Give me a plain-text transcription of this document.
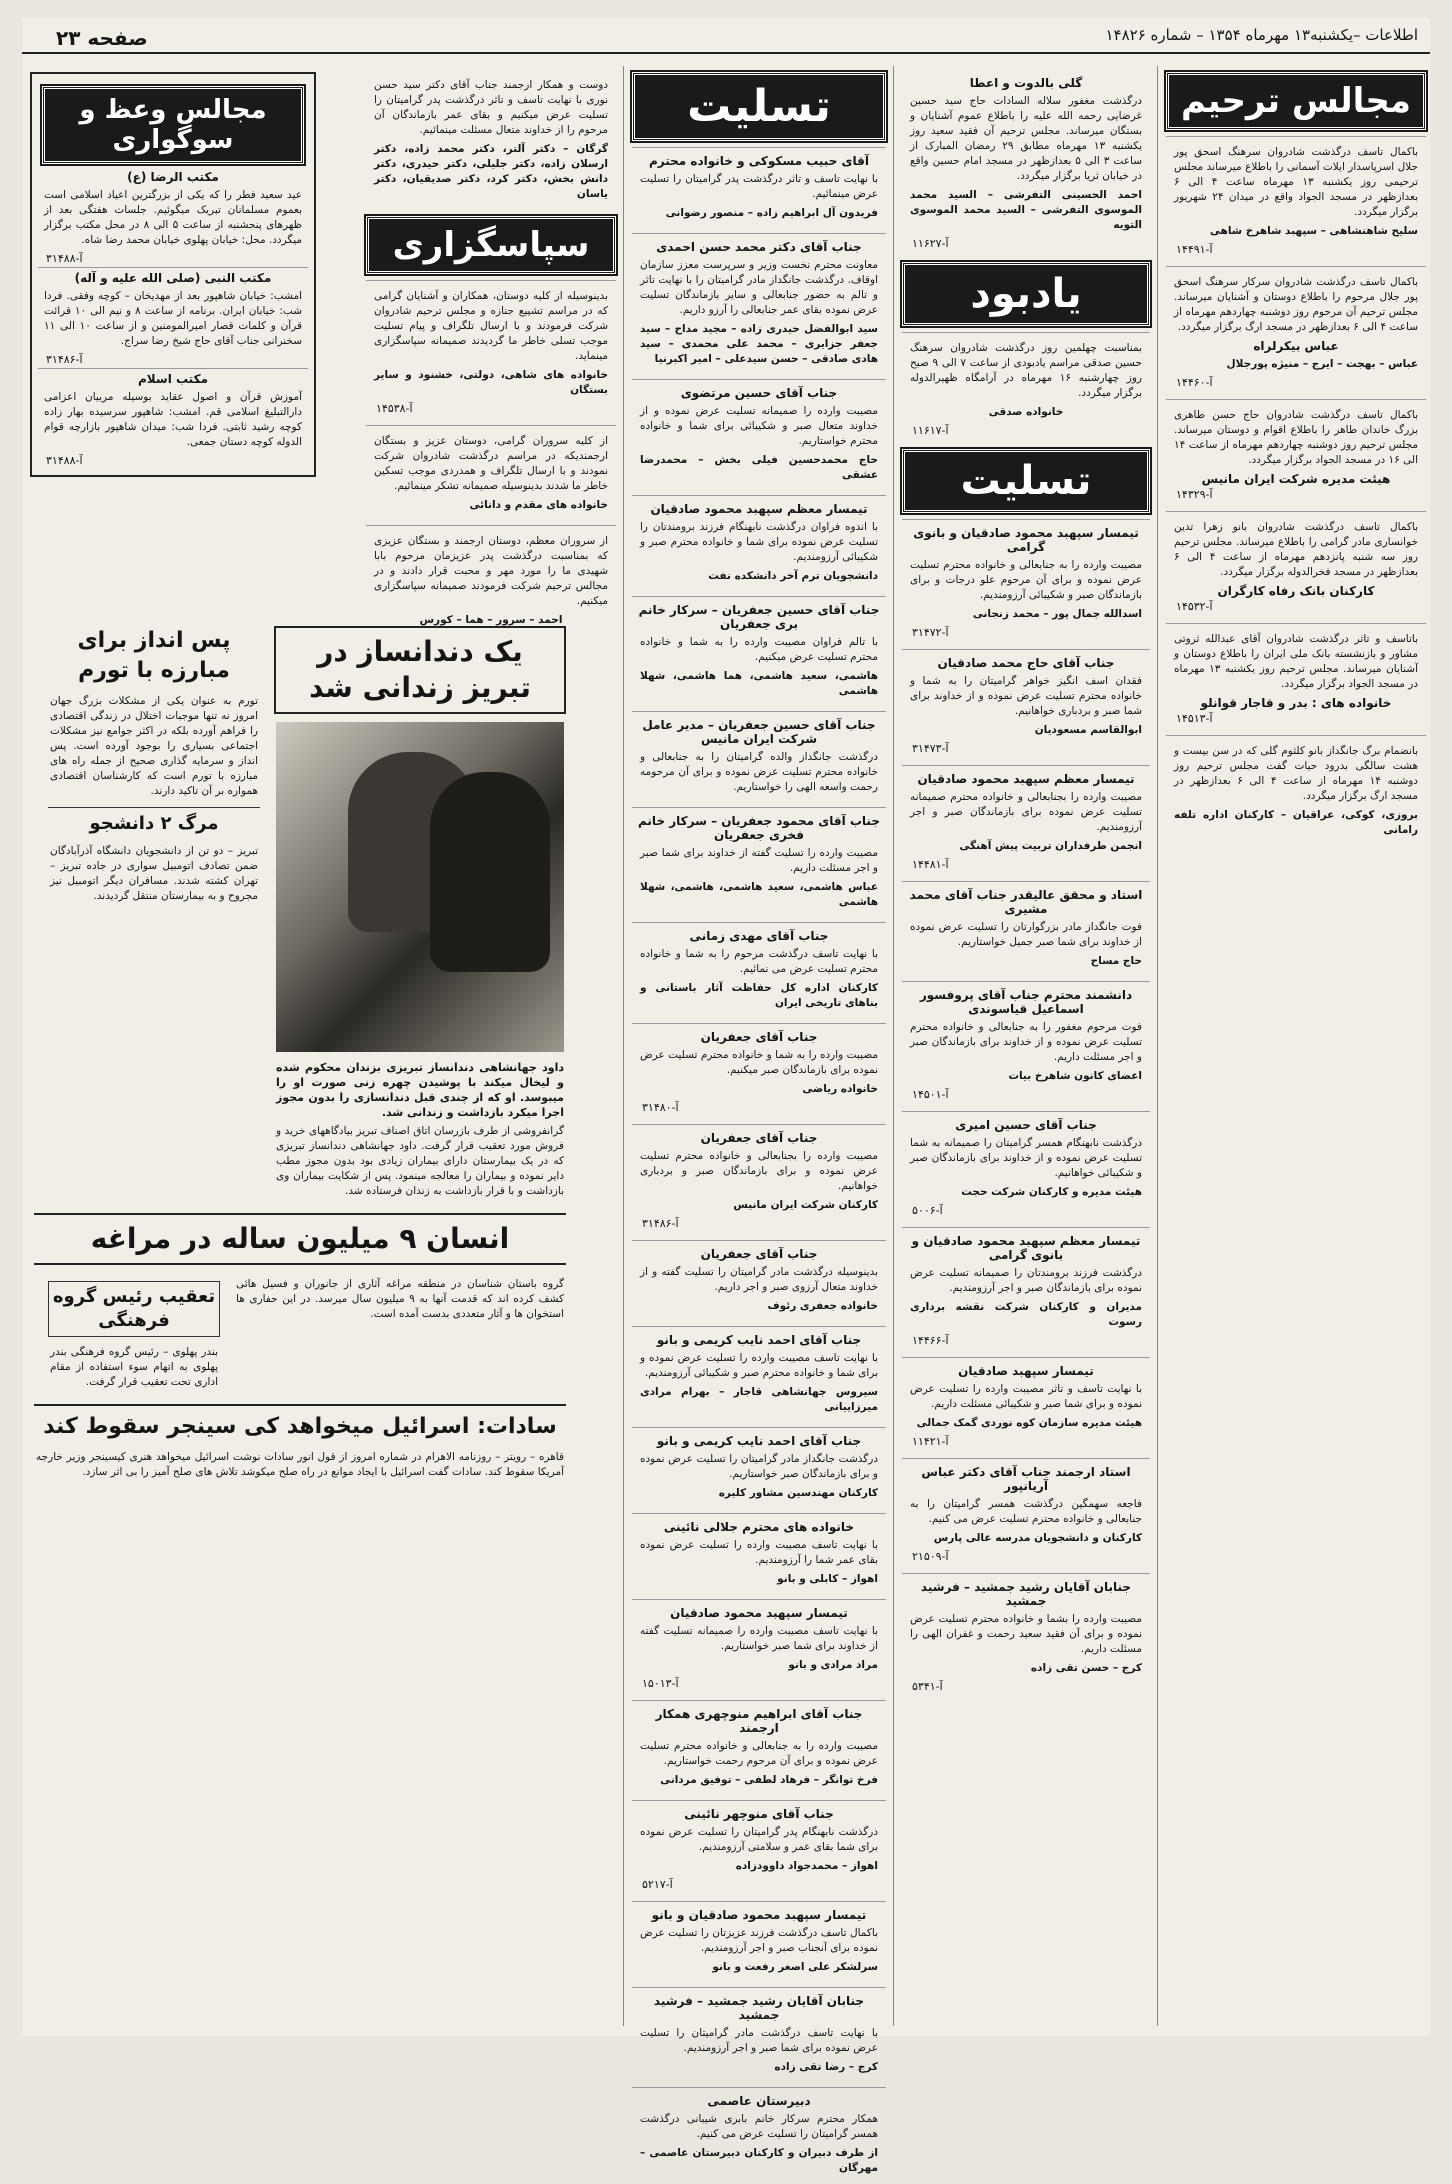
اطلاعات –یکشنبه۱۳ مهرماه ۱۳۵۴ – شماره ۱۴۸۲۶
صفحه ۲۳
مجالس ترحیم
باکمال تاسف درگذشت شادروان سرهنگ اسحق پور جلال اسرپاسدار ایلات آسمانی را باطلاع میرساند مجلس ترحیمی روز یکشنبه ۱۳ مهرماه ساعت ۴ الی ۶ بعدازظهر در مسجد الجواد واقع در میدان ۲۴ شهریور برگزار میگردد.
سلیح شاهنشاهی – سپهبد شاهرخ شاهی
آ-۱۴۴۹۱
باکمال تاسف درگذشت شادروان سرکار سرهنگ اسحق پور جلال مرحوم را باطلاع دوستان و آشنایان میرساند. مجلس ترحیم آن مرحوم روز دوشنبه چهاردهم مهرماه از ساعت ۴ الی ۶ بعدازظهر در مسجد ارگ برگزار میگردد.
عباس بیکرلراه
عباس – بهجت – ایرج – منیژه پورجلال
آ-۱۴۴۶۰
باکمال تاسف درگذشت شادروان حاج حسن طاهری بزرگ خاندان طاهر را باطلاع اقوام و دوستان میرساند. مجلس ترحیم روز دوشنبه چهاردهم مهرماه از ساعت ۱۴ الی ۱۶ در مسجد الجواد برگزار میگردد.
هیئت مدیره شرکت ایران مانیس
آ-۱۴۳۲۹
باکمال تاسف درگذشت شادروان بانو زهرا تدین خوانساری مادر گرامی را باطلاع میرساند. مجلس ترحیم روز سه شنبه پانزدهم مهرماه از ساعت ۴ الی ۶ بعدازظهر در مسجد فخرالدوله برگزار میگردد.
کارکنان بانک رفاه کارگران
آ-۱۴۵۳۲
باتاسف و تاثر درگذشت شادروان آقای عبدالله ثروتی مشاور و بازنشسته بانک ملی ایران را باطلاع دوستان و آشنایان میرساند. مجلس ترحیم روز یکشنبه ۱۳ مهرماه در مسجد الجواد برگزار میگردد.
خانواده های : بدر و قاجار قوانلو
آ-۱۴۵۱۳
بانضمام برگ جانگداز بانو کلثوم گلی که در سن بیست و هشت سالگی بدرود حیات گفت مجلس ترحیم روز دوشنبه ۱۴ مهرماه از ساعت ۴ الی ۶ بعدازظهر در مسجد ارگ برگزار میگردد.
بروزی، کوکی، عراقیان – کارکنان اداره تلفه رامانی
گلی بالدوت و اعطا
درگذشت مغفور سلاله السادات حاج سید حسین غرضایی رحمه الله علیه را باطلاع عموم آشنایان و بستگان میرساند. مجلس ترحیم آن فقید سعید روز یکشنبه ۱۳ مهرماه مطابق ۲۹ رمضان المبارک از ساعت ۳ الی ۵ بعدازظهر در مسجد امام حسین واقع در خیابان ثریا برگزار میگردد.
احمد الحسینی التفرشی – السید محمد الموسوی التفرشی – السید محمد الموسوی التویه
آ-۱۱۶۲۷
یادبود
بمناسبت چهلمین روز درگذشت شادروان سرهنگ حسین صدقی مراسم یادبودی از ساعت ۷ الی ۹ صبح روز چهارشنبه ۱۶ مهرماه در آرامگاه ظهیرالدوله برگزار میگردد.
خانواده صدقی
آ-۱۱۶۱۷
تسلیت
تیمسار سپهبد محمود صادقیان و بانوی گرامی
مصیبت وارده را به جنابعالی و خانواده محترم تسلیت عرض نموده و برای آن مرحوم علو درجات و برای بازماندگان صبر و شکیبائی آرزومندیم.
اسدالله جمال پور – محمد زنجانی
آ-۳۱۴۷۲
جناب آقای حاج محمد صادقیان
فقدان اسف انگیز خواهر گرامیتان را به شما و خانواده محترم تسلیت عرض نموده و از خداوند برای شما صبر و بردباری خواهانیم.
ابوالقاسم مسعودیان
آ-۳۱۴۷۳
تیمسار معظم سپهبد محمود صادقیان
مصیبت وارده را بجنابعالی و خانواده محترم صمیمانه تسلیت عرض نموده برای بازماندگان صبر و اجر آرزومندیم.
انجمن طرفداران تربیت پیش آهنگی
آ-۱۴۴۸۱
استاد و محقق عالیقدر جناب آقای محمد مشیری
فوت جانگداز مادر بزرگوارتان را تسلیت عرض نموده از خداوند برای شما صبر جمیل خواستاریم.
حاج مساح
دانشمند محترم جناب آقای پروفسور اسماعیل قیاسوندی
فوت مرحوم مغفور را به جنابعالی و خانواده محترم تسلیت عرض نموده و از خداوند برای بازماندگان صبر و اجر مسئلت داریم.
اعضای کانون شاهرخ بیات
آ-۱۴۵۰۱
جناب آقای حسین امیری
درگذشت نابهنگام همسر گرامیتان را صمیمانه به شما تسلیت عرض نموده و از خداوند برای بازماندگان صبر و شکیبائی خواهانیم.
هیئت مدیره و کارکنان شرکت حجت
آ-۵۰۰۶
تیمسار معظم سپهبد محمود صادقیان و بانوی گرامی
درگذشت فرزند برومندتان را صمیمانه تسلیت عرض نموده برای بازماندگان صبر و اجر آرزومندیم.
مدیران و کارکنان شرکت نقشه برداری رسوت
آ-۱۴۴۶۶
تیمسار سپهبد صادقیان
با نهایت تاسف و تاثر مصیبت وارده را تسلیت عرض نموده و برای شما صبر و شکیبائی مسئلت داریم.
هیئت مدیره سازمان کوه نوردی گمک جمالی
آ-۱۱۴۲۱
استاد ارجمند جناب آقای دکتر عباس آریانپور
فاجعه سهمگین درگذشت همسر گرامیتان را به جنابعالی و خانواده محترم تسلیت عرض می کنیم.
کارکنان و دانشجویان مدرسه عالی پارس
آ-۲۱۵۰۹
جنابان آقایان رشید جمشید – فرشید جمشید
مصیبت وارده را بشما و خانواده محترم تسلیت عرض نموده و برای آن فقید سعید رحمت و غفران الهی را مسئلت داریم.
کرج – حسن تقی زاده
آ-۵۳۴۱
تسلیت
آقای حبیب مسکوکی و خانواده محترم
با نهایت تاسف و تاثر درگذشت پدر گرامیتان را تسلیت عرض مینمائیم.
فریدون آل ابراهیم زاده – منصور رضوانی
جناب آقای دکتر محمد حسن احمدی
معاونت محترم نخست وزیر و سرپرست معزز سازمان اوقاف. درگذشت جانگداز مادر گرامیتان را با نهایت تاثر و تالم به حضور جنابعالی و سایر بازماندگان تسلیت عرض نموده بقای عمر جنابعالی را آرزو داریم.
سید ابوالفضل حیدری زاده – مجید مداح – سید جعفر جزایری – محمد علی محمدی – سید هادی صادقی – حسن سیدعلی – امیر اکبرنیا
جناب آقای حسین مرتضوی
مصیبت وارده را صمیمانه تسلیت عرض نموده و از خداوند متعال صبر و شکیبائی برای شما و خانواده محترم خواستاریم.
حاج محمدحسین فیلی بخش – محمدرضا عشقی
تیمسار معظم سپهبد محمود صادقیان
با اندوه فراوان درگذشت نابهنگام فرزند برومندتان را تسلیت عرض نموده برای شما و خانواده محترم صبر و شکیبائی آرزومندیم.
دانشجویان ترم آخر دانشکده نفت
جناب آقای حسین جعفریان – سرکار خانم بری جعفریان
با تالم فراوان مصیبت وارده را به شما و خانواده محترم تسلیت عرض میکنیم.
هاشمی، سعید هاشمی، هما هاشمی، شهلا هاشمی
جناب آقای حسین جعفریان – مدیر عامل شرکت ایران مانیس
درگذشت جانگداز والده گرامیتان را به جنابعالی و خانواده محترم تسلیت عرض نموده و برای آن مرحومه رحمت واسعه الهی را خواستاریم.
جناب آقای محمود جعفریان – سرکار خانم فخری جعفریان
مصیبت وارده را تسلیت گفته از خداوند برای شما صبر و اجر مسئلت داریم.
عباس هاشمی، سعید هاشمی، هاشمی، شهلا هاشمی
جناب آقای مهدی زمانی
با نهایت تاسف درگذشت مرحوم را به شما و خانواده محترم تسلیت عرض می نمائیم.
کارکنان اداره کل حفاظت آثار باستانی و بناهای تاریخی ایران
جناب آقای جعفریان
مصیبت وارده را به شما و خانواده محترم تسلیت عرض نموده برای بازماندگان صبر میکنیم.
خانواده ریاضی
آ-۳۱۴۸۰
جناب آقای جعفریان
مصیبت وارده را بجنابعالی و خانواده محترم تسلیت عرض نموده و برای بازماندگان صبر و بردباری خواهانیم.
کارکنان شرکت ایران مانیس
آ-۳۱۴۸۶
جناب آقای جعفریان
بدینوسیله درگذشت مادر گرامیتان را تسلیت گفته و از خداوند متعال آرزوی صبر و اجر داریم.
خانواده جعفری رئوف
جناب آقای احمد نایب کریمی و بانو
با نهایت تاسف مصیبت وارده را تسلیت عرض نموده و برای شما و خانواده محترم صبر و شکیبائی آرزومندیم.
سیروس جهانشاهی قاجار – بهرام مرادی میرزاییانی
جناب آقای احمد نایب کریمی و بانو
درگذشت جانگداز مادر گرامیتان را تسلیت عرض نموده و برای بازماندگان صبر خواستاریم.
کارکنان مهندسین مشاور کلیره
خانواده های محترم جلالی نائینی
با نهایت تاسف مصیبت وارده را تسلیت عرض نموده بقای عمر شما را آرزومندیم.
اهواز – کابلی و بانو
تیمسار سپهبد محمود صادقیان
با نهایت تاسف مصیبت وارده را صمیمانه تسلیت گفته از خداوند برای شما صبر خواستاریم.
مراد مرادی و بانو
آ-۱۵۰۱۳
جناب آقای ابراهیم منوچهری همکار ارجمند
مصیبت وارده را به جنابعالی و خانواده محترم تسلیت عرض نموده و برای آن مرحوم رحمت خواستاریم.
فرخ توانگر – فرهاد لطفی – توفیق مردانی
جناب آقای منوچهر نائینی
درگذشت نابهنگام پدر گرامیتان را تسلیت عرض نموده برای شما بقای عمر و سلامتی آرزومندیم.
اهواز – محمدجواد داوودزاده
آ-۵۲۱۷
تیمسار سپهبد محمود صادقیان و بانو
باکمال تاسف درگذشت فرزند عزیزتان را تسلیت عرض نموده برای آنجناب صبر و اجر آرزومندیم.
سرلشکر علی اصغر رفعت و بانو
جنابان آقایان رشید جمشید – فرشید جمشید
با نهایت تاسف درگذشت مادر گرامیتان را تسلیت عرض نموده برای شما صبر و اجر آرزومندیم.
کرج – رضا تقی زاده
دبیرستان عاصمی
همکار محترم سرکار خانم بابری شیبانی درگذشت همسر گرامیتان را تسلیت عرض می کنیم.
از طرف دبیران و کارکنان دبیرستان عاصمی – مهرگان
دوست و همکار ارجمند جناب آقای دکتر سید حسن نوری با نهایت تاسف و تاثر درگذشت پدر گرامیتان را تسلیت عرض میکنیم و بقای عمر بازماندگان آن مرحوم را از خداوند متعال مسئلت مینمائیم.
گرگان – دکتر آلتر، دکتر محمد زاده، دکتر ارسلان زاده، دکتر جلیلی، دکتر حیدری، دکتر دانش بخش، دکتر کرد، دکتر صدیقیان، دکتر یاسان
سپاسگزاری
بدینوسیله از کلیه دوستان، همکاران و آشنایان گرامی که در مراسم تشییع جنازه و مجلس ترحیم شادروان شرکت فرمودند و با ارسال تلگراف و پیام تسلیت موجب تسلی خاطر ما گردیدند صمیمانه سپاسگزاری مینماید.
خانواده های شاهی، دولتی، خشنود و سایر بستگان
آ-۱۴۵۳۸
از کلیه سروران گرامی، دوستان عزیز و بستگان ارجمندیکه در مراسم درگذشت شادروان شرکت نمودند و با ارسال تلگراف و همدردی موجب تسکین خاطر ما شدند بدینوسیله صمیمانه تشکر مینمائیم.
خانواده های مقدم و دانائی
از سروران معظم، دوستان ارجمند و بستگان عزیزی که بمناسبت درگذشت پدر عزیزمان مرحوم بابا شهیدی ما را مورد مهر و محبت قرار دادند و در مجالس ترحیم شرکت فرمودند صمیمانه سپاسگزاری میکنیم.
احمد – سرور – هما – کورس
مجالس وعظ و سوگواری
مکتب الرضا (ع)
عید سعید فطر را که یکی از بزرگترین اعیاد اسلامی است بعموم مسلمانان تبریک میگوئیم. جلسات هفتگی بعد از ظهرهای پنجشنبه از ساعت ۵ الی ۸ در محل مکتب برگزار میگردد. محل: خیابان پهلوی خیابان محمد رضا شاه.
آ-۳۱۴۸۸
مکتب النبی (صلی الله علیه و آله)
امشب: خیابان شاهپور بعد از مهدیخان – کوچه وفقی. فردا شب: خیابان ایران. برنامه از ساعت ۸ و نیم الی ۱۰ قرائت قرآن و کلمات قصار امیرالمومنین و از ساعت ۱۰ الی ۱۱ سخنرانی جناب آقای حاج شیخ رضا سراج.
آ-۳۱۴۸۶
مکتب اسلام
آموزش قرآن و اصول عقاید بوسیله مربیان اعزامی دارالتبلیغ اسلامی قم. امشب: شاهپور سرسیده بهار زاده کوچه رشید ثابتی. فردا شب: میدان شاهپور بازارچه قوام الدوله کوچه دستان جمعی.
آ-۳۱۴۸۸
یک دندانساز در تبریز زندانی شد
داود جهانشاهی دندانساز تبریزی بزندان محکوم شده و لیخال میکند با پوشیدن چهره زنی صورت او را میبوسد. او که از چندی قبل دندانسازی را بدون مجوز اجرا میکرد بازداشت و زندانی شد.
گرانفروشی از طرف بازرسان اتاق اصناف تبریز بیادگاههای خرید و فروش مورد تعقیب قرار گرفت. داود جهانشاهی دندانساز تبریزی که در یک بیمارستان دارای بیماران زیادی بود بدون مجوز مطب دایر نموده و بیماران را معالجه مینمود. پس از شکایت بیماران وی بازداشت و با قرار بازداشت به زندان فرستاده شد.
پس انداز برای مبارزه با تورم
تورم به عنوان یکی از مشکلات بزرگ جهان امروز نه تنها موجبات اختلال در زندگی اقتصادی را فراهم آورده بلکه در اکثر جوامع نیز مشکلات اجتماعی بسیاری را بوجود آورده است. پس انداز و سرمایه گذاری صحیح از جمله راه های مبارزه با تورم است که کارشناسان اقتصادی همواره بر آن تاکید دارند.
مرگ ۲ دانشجو
تبریز – دو تن از دانشجویان دانشگاه آذرآبادگان ضمن تصادف اتومبیل سواری در جاده تبریز – تهران کشته شدند. مسافران دیگر اتومبیل نیز مجروح و به بیمارستان منتقل گردیدند.
انسان ۹ میلیون ساله در مراغه
گروه باستان شناسان در منطقه مراغه آثاری از جانوران و فسیل هائی کشف کرده اند که قدمت آنها به ۹ میلیون سال میرسد. در این حفاری ها استخوان ها و آثار متعددی بدست آمده است.
تعقیب رئیس گروه فرهنگی
بندر پهلوی – رئیس گروه فرهنگی بندر پهلوی به اتهام سوء استفاده از مقام اداری تحت تعقیب قرار گرفت.
سادات: اسرائیل میخواهد کی سینجر سقوط کند
قاهره – رویتر – روزنامه الاهرام در شماره امروز از قول انور سادات نوشت اسرائیل میخواهد هنری کیسینجر وزیر خارجه آمریکا سقوط کند. سادات گفت اسرائیل با ایجاد موانع در راه صلح میکوشد تلاش های صلح آمیز را بی اثر سازد.
